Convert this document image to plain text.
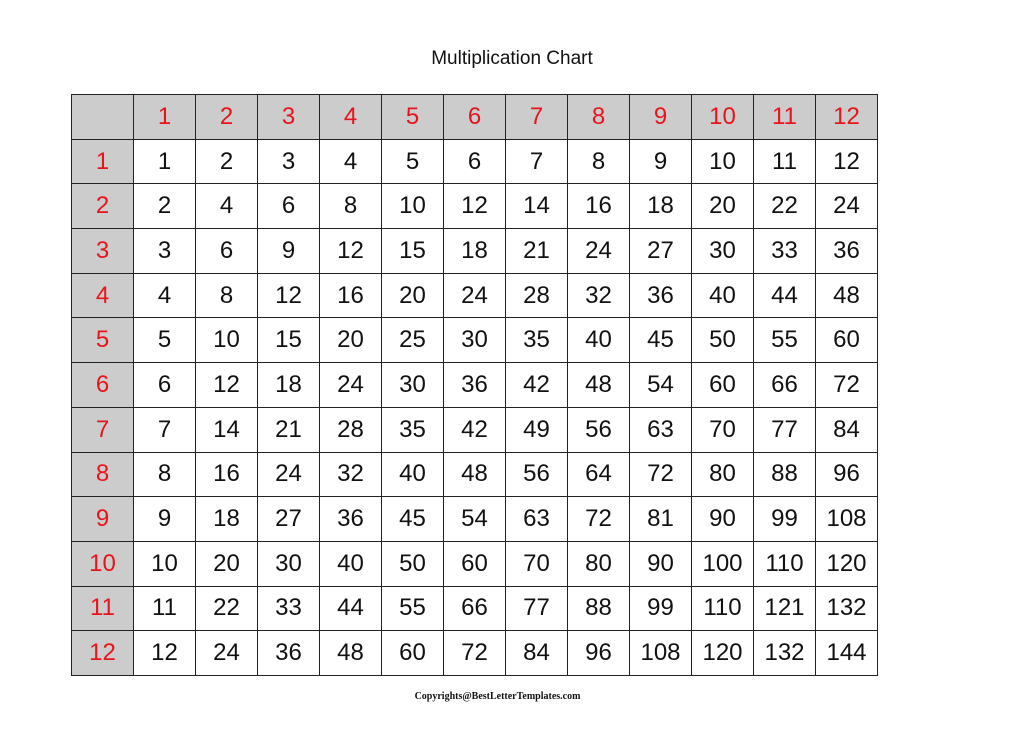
Multiplication Chart
	1	2	3	4	5	6	7	8	9	10	11	12
1	1	2	3	4	5	6	7	8	9	10	11	12
2	2	4	6	8	10	12	14	16	18	20	22	24
3	3	6	9	12	15	18	21	24	27	30	33	36
4	4	8	12	16	20	24	28	32	36	40	44	48
5	5	10	15	20	25	30	35	40	45	50	55	60
6	6	12	18	24	30	36	42	48	54	60	66	72
7	7	14	21	28	35	42	49	56	63	70	77	84
8	8	16	24	32	40	48	56	64	72	80	88	96
9	9	18	27	36	45	54	63	72	81	90	99	108
10	10	20	30	40	50	60	70	80	90	100	110	120
11	11	22	33	44	55	66	77	88	99	110	121	132
12	12	24	36	48	60	72	84	96	108	120	132	144
Copyrights@BestLetterTemplates.com
